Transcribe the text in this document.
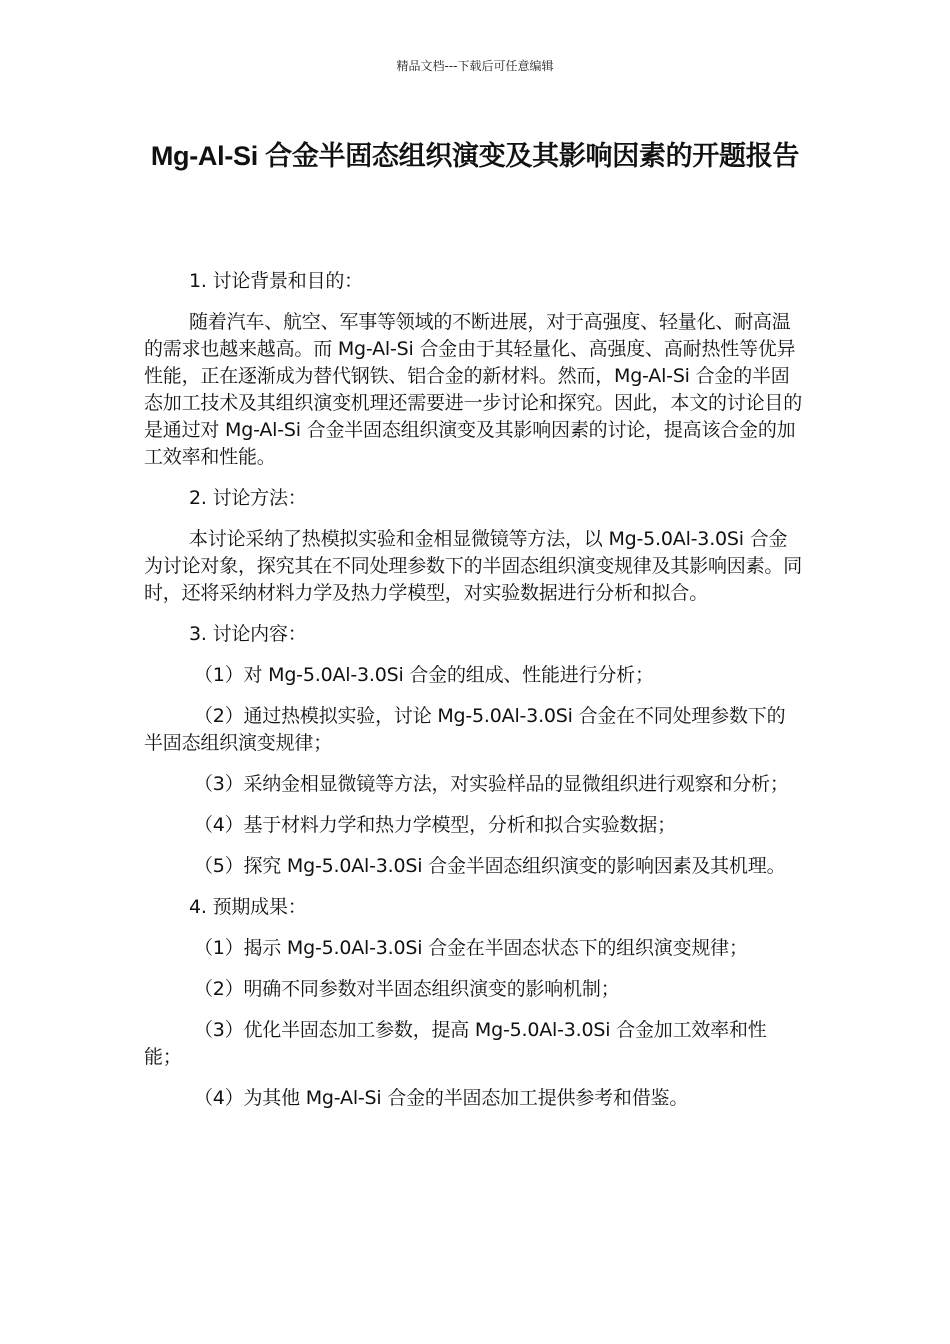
精品文档---下载后可任意编辑
Mg-Al-Si 合金半固态组织演变及其影响因素的开题报告

1. 讨论背景和目的：

随着汽车、航空、军事等领域的不断进展，对于高强度、轻量化、耐高温的需求也越来越高。而 Mg-Al-Si 合金由于其轻量化、高强度、高耐热性等优异性能，正在逐渐成为替代钢铁、铝合金的新材料。然而，Mg-Al-Si 合金的半固态加工技术及其组织演变机理还需要进一步讨论和探究。因此，本文的讨论目的是通过对 Mg-Al-Si 合金半固态组织演变及其影响因素的讨论，提高该合金的加工效率和性能。

2. 讨论方法：

本讨论采纳了热模拟实验和金相显微镜等方法，以 Mg-5.0Al-3.0Si 合金为讨论对象，探究其在不同处理参数下的半固态组织演变规律及其影响因素。同时，还将采纳材料力学及热力学模型，对实验数据进行分析和拟合。

3. 讨论内容：

（1）对 Mg-5.0Al-3.0Si 合金的组成、性能进行分析；

（2）通过热模拟实验，讨论 Mg-5.0Al-3.0Si 合金在不同处理参数下的半固态组织演变规律；

（3）采纳金相显微镜等方法，对实验样品的显微组织进行观察和分析；

（4）基于材料力学和热力学模型，分析和拟合实验数据；

（5）探究 Mg-5.0Al-3.0Si 合金半固态组织演变的影响因素及其机理。

4. 预期成果：

（1）揭示 Mg-5.0Al-3.0Si 合金在半固态状态下的组织演变规律；

（2）明确不同参数对半固态组织演变的影响机制；

（3）优化半固态加工参数，提高 Mg-5.0Al-3.0Si 合金加工效率和性能；

（4）为其他 Mg-Al-Si 合金的半固态加工提供参考和借鉴。
